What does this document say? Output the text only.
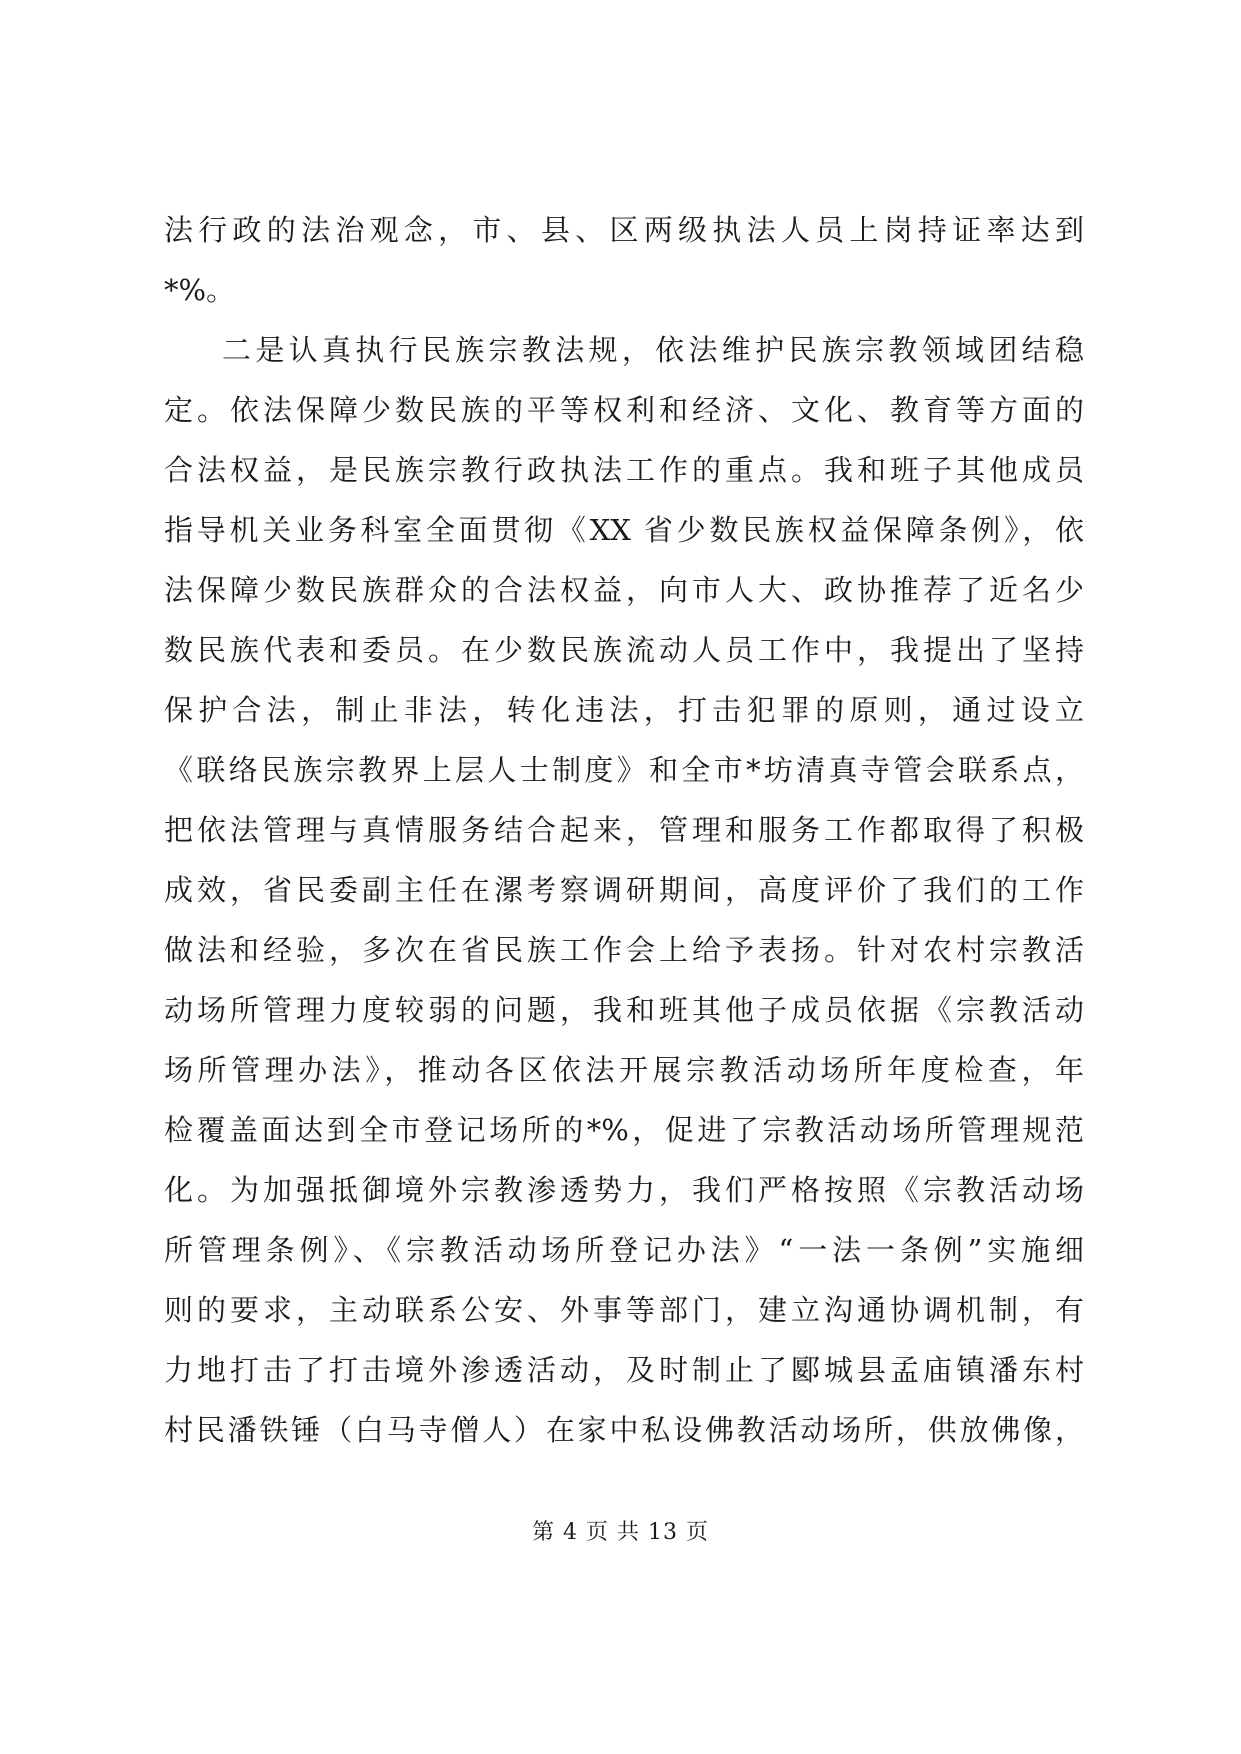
法行政的法治观念，市、县、区两级执法人员上岗持证率达到
*%。
二是认真执行民族宗教法规，依法维护民族宗教领域团结稳
定。依法保障少数民族的平等权利和经济、文化、教育等方面的
合法权益，是民族宗教行政执法工作的重点。我和班子其他成员
指导机关业务科室全面贯彻《XX 省少数民族权益保障条例》，依
法保障少数民族群众的合法权益，向市人大、政协推荐了近名少
数民族代表和委员。在少数民族流动人员工作中，我提出了坚持
保护合法，制止非法，转化违法，打击犯罪的原则，通过设立
《联络民族宗教界上层人士制度》和全市*坊清真寺管会联系点，
把依法管理与真情服务结合起来，管理和服务工作都取得了积极
成效，省民委副主任在漯考察调研期间，高度评价了我们的工作
做法和经验，多次在省民族工作会上给予表扬。针对农村宗教活
动场所管理力度较弱的问题，我和班其他子成员依据《宗教活动
场所管理办法》，推动各区依法开展宗教活动场所年度检查，年
检覆盖面达到全市登记场所的*%，促进了宗教活动场所管理规范
化。为加强抵御境外宗教渗透势力，我们严格按照《宗教活动场
所管理条例》、《宗教活动场所登记办法》“一法一条例”实施细
则的要求，主动联系公安、外事等部门，建立沟通协调机制，有
力地打击了打击境外渗透活动，及时制止了郾城县孟庙镇潘东村
村民潘铁锤（白马寺僧人）在家中私设佛教活动场所，供放佛像，
第 4 页 共 13 页
